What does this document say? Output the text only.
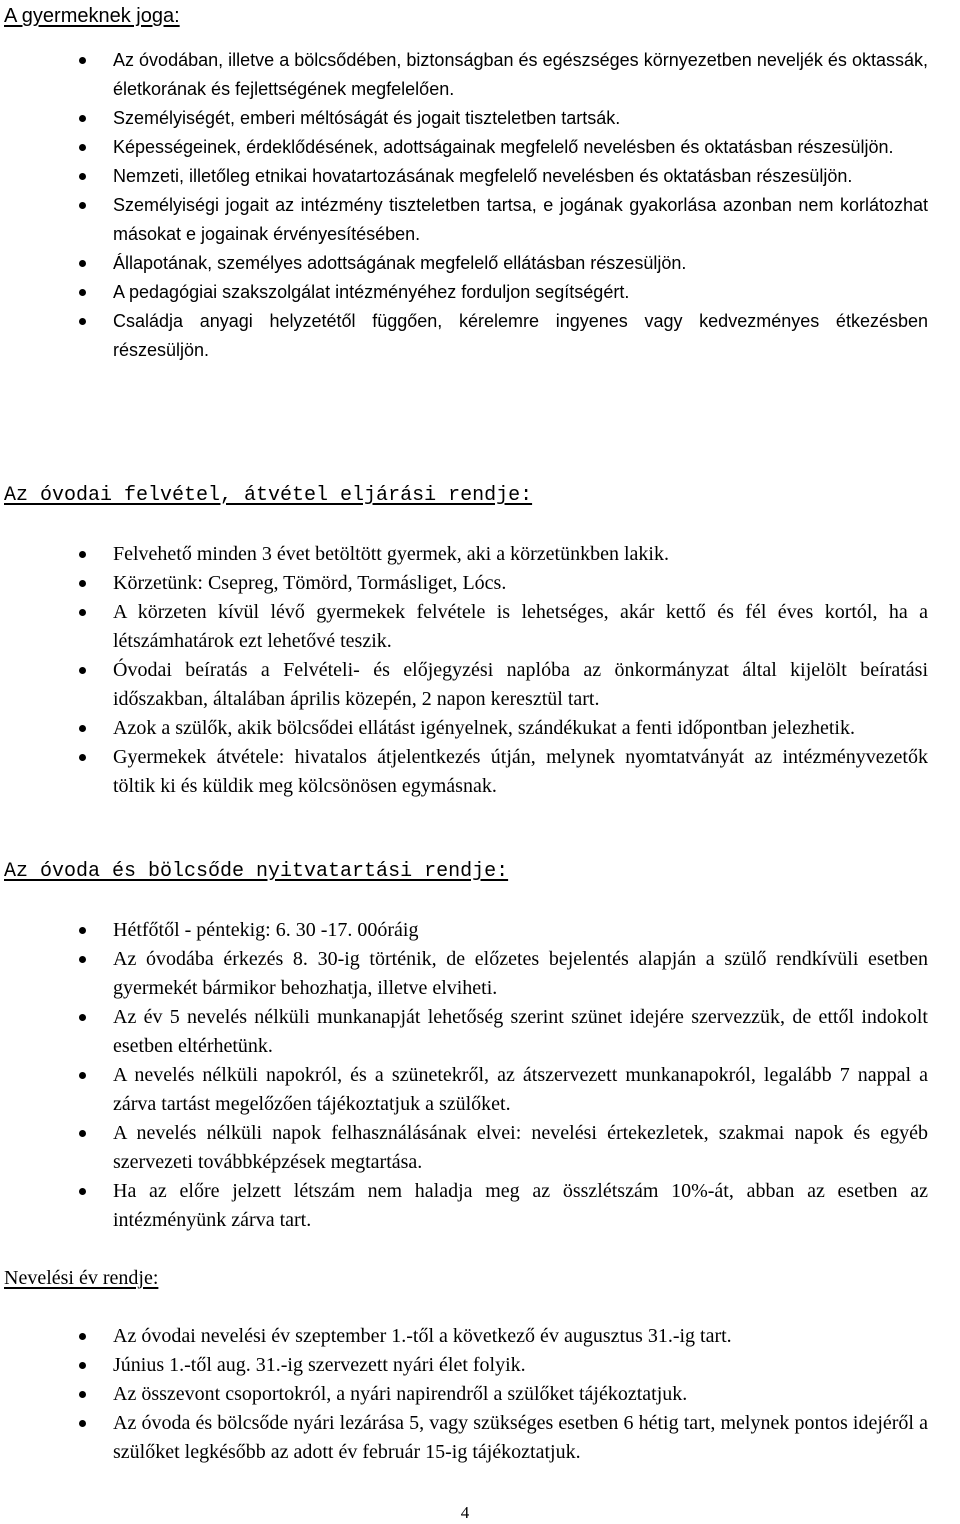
A gyermeknek joga:
Az óvodában, illetve a bölcsődében, biztonságban és egészséges környezetben neveljék és oktassák, életkorának és fejlettségének megfelelően.
Személyiségét, emberi méltóságát és jogait tiszteletben tartsák.
Képességeinek, érdeklődésének, adottságainak megfelelő nevelésben és oktatásban részesüljön.
Nemzeti, illetőleg etnikai hovatartozásának megfelelő nevelésben és oktatásban részesüljön.
Személyiségi jogait az intézmény tiszteletben tartsa, e jogának gyakorlása azonban nem korlátozhat másokat e jogainak érvényesítésében.
Állapotának, személyes adottságának megfelelő ellátásban részesüljön.
A pedagógiai szakszolgálat intézményéhez forduljon segítségért.
Családja anyagi helyzetétől függően, kérelemre ingyenes vagy kedvezményes étkezésben részesüljön.
Az óvodai felvétel, átvétel eljárási rendje:
Felvehető minden 3 évet betöltött gyermek, aki a körzetünkben lakik.
Körzetünk: Csepreg, Tömörd, Tormásliget, Lócs.
A körzeten kívül lévő gyermekek felvétele is lehetséges, akár kettő és fél éves kortól, ha a létszámhatárok ezt lehetővé teszik.
Óvodai beíratás a Felvételi- és előjegyzési naplóba az önkormányzat által kijelölt beíratási időszakban, általában április közepén, 2 napon keresztül tart.
Azok a szülők, akik bölcsődei ellátást igényelnek, szándékukat a fenti időpontban jelezhetik.
Gyermekek átvétele: hivatalos átjelentkezés útján, melynek nyomtatványát az intézményvezetők töltik ki és küldik meg kölcsönösen egymásnak.
Az óvoda és bölcsőde nyitvatartási rendje:
Hétfőtől - péntekig: 6. 30 -17. 00óráig
Az óvodába érkezés 8. 30-ig történik, de előzetes bejelentés alapján a szülő rendkívüli esetben gyermekét bármikor behozhatja, illetve elviheti.
Az év 5 nevelés nélküli munkanapját lehetőség szerint szünet idejére szervezzük, de ettől indokolt esetben eltérhetünk.
A nevelés nélküli napokról, és a szünetekről, az átszervezett munkanapokról, legalább 7 nappal a zárva tartást megelőzően tájékoztatjuk a szülőket.
A nevelés nélküli napok felhasználásának elvei: nevelési értekezletek, szakmai napok és egyéb szervezeti továbbképzések megtartása.
Ha az előre jelzett létszám nem haladja meg az összlétszám 10%-át, abban az esetben az intézményünk zárva tart.
Nevelési év rendje:
Az óvodai nevelési év szeptember 1.-től a következő év augusztus 31.-ig tart.
Június 1.-től aug. 31.-ig szervezett nyári élet folyik.
Az összevont csoportokról, a nyári napirendről a szülőket tájékoztatjuk.
Az óvoda és bölcsőde nyári lezárása 5, vagy szükséges esetben 6 hétig tart, melynek pontos idejéről a szülőket legkésőbb az adott év február 15-ig tájékoztatjuk.
4
